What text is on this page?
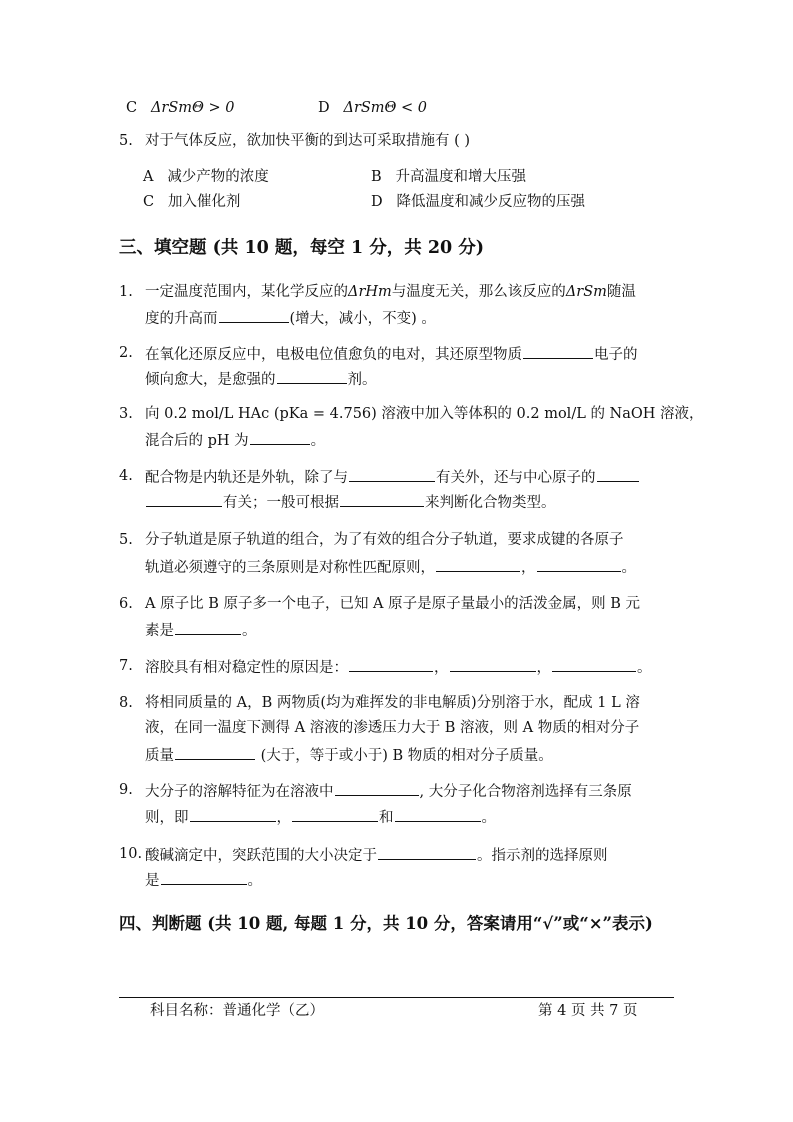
C ΔrSmΘ > 0	D ΔrSmΘ < 0
5. 对于气体反应，欲加快平衡的到达可采取措施有 ( )
A 减少产物的浓度	B 升高温度和增大压强
C 加入催化剂	D 降低温度和减少反应物的压强
三、填空题 (共 10 题，每空 1 分，共 20 分)
1. 一定温度范围内，某化学反应的ΔrHm与温度无关，那么该反应的ΔrSm随温
度的升高而	(增大，减小，不变) 。
2. 在氧化还原反应中，电极电位值愈负的电对，其还原型物质	电子的
倾向愈大，是愈强的	剂。
3. 向 0.2 mol/L HAc (pKa = 4.756) 溶液中加入等体积的 0.2 mol/L 的 NaOH 溶液，
混合后的 pH 为	。
4. 配合物是内轨还是外轨，除了与	有关外，还与中心原子的
有关；一般可根据	来判断化合物类型。
5. 分子轨道是原子轨道的组合，为了有效的组合分子轨道，要求成键的各原子
轨道必须遵守的三条原则是对称性匹配原则，	，	。
6. A 原子比 B 原子多一个电子，已知 A 原子是原子量最小的活泼金属，则 B 元
素是	。
7. 溶胶具有相对稳定性的原因是：	，	，	。
8. 将相同质量的 A，B 两物质(均为难挥发的非电解质)分别溶于水，配成 1 L 溶
液，在同一温度下测得 A 溶液的渗透压力大于 B 溶液，则 A 物质的相对分子
质量	(大于，等于或小于) B 物质的相对分子质量。
9. 大分子的溶解特征为在溶液中	, 大分子化合物溶剂选择有三条原
则，即	，	和	。
10. 酸碱滴定中，突跃范围的大小决定于	。指示剂的选择原则
是	。
四、判断题 (共 10 题, 每题 1 分，共 10 分，答案请用“√”或“×”表示)
科目名称：普通化学（乙）	第 4 页 共 7 页
